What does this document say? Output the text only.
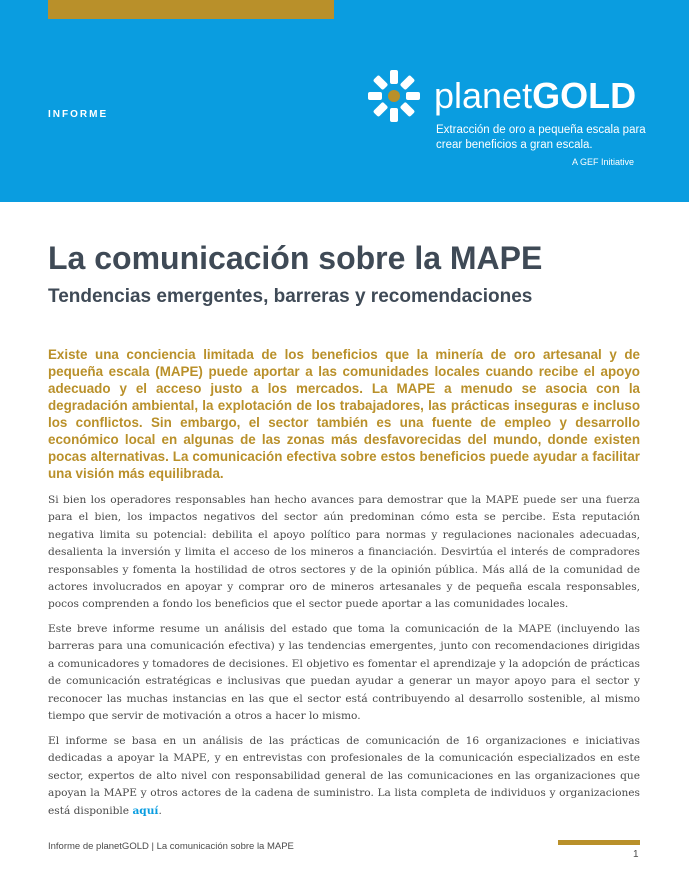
INFORME	planetGOLD
Extracción de oro a pequeña escala para crear beneficios a gran escala.
A GEF Initiative
La comunicación sobre la MAPE
Tendencias emergentes, barreras y recomendaciones

Existe una conciencia limitada de los beneficios que la minería de oro artesanal y de pequeña escala (MAPE) puede aportar a las comunidades locales cuando recibe el apoyo adecuado y el acceso justo a los mercados. La MAPE a menudo se asocia con la degradación ambiental, la explotación de los trabajadores, las prácticas inseguras e incluso los conflictos. Sin embargo, el sector también es una fuente de empleo y desarrollo económico local en algunas de las zonas más desfavorecidas del mundo, donde existen pocas alternativas. La comunicación efectiva sobre estos beneficios puede ayudar a facilitar una visión más equilibrada.

Si bien los operadores responsables han hecho avances para demostrar que la MAPE puede ser una fuerza para el bien, los impactos negativos del sector aún predominan cómo esta se percibe. Esta reputación negativa limita su potencial: debilita el apoyo político para normas y regulaciones nacionales adecuadas, desalienta la inversión y limita el acceso de los mineros a financiación. Desvirtúa el interés de compradores responsables y fomenta la hostilidad de otros sectores y de la opinión pública. Más allá de la comunidad de actores involucrados en apoyar y comprar oro de mineros artesanales y de pequeña escala responsables, pocos comprenden a fondo los beneficios que el sector puede aportar a las comunidades locales.

Este breve informe resume un análisis del estado que toma la comunicación de la MAPE (incluyendo las barreras para una comunicación efectiva) y las tendencias emergentes, junto con recomendaciones dirigidas a comunicadores y tomadores de decisiones. El objetivo es fomentar el aprendizaje y la adopción de prácticas de comunicación estratégicas e inclusivas que puedan ayudar a generar un mayor apoyo para el sector y reconocer las muchas instancias en las que el sector está contribuyendo al desarrollo sostenible, al mismo tiempo que servir de motivación a otros a hacer lo mismo.

El informe se basa en un análisis de las prácticas de comunicación de 16 organizaciones e iniciativas dedicadas a apoyar la MAPE, y en entrevistas con profesionales de la comunicación especializados en este sector, expertos de alto nivel con responsabilidad general de las comunicaciones en las organizaciones que apoyan la MAPE y otros actores de la cadena de suministro. La lista completa de individuos y organizaciones está disponible aquí.

Informe de planetGOLD | La comunicación sobre la MAPE
1
